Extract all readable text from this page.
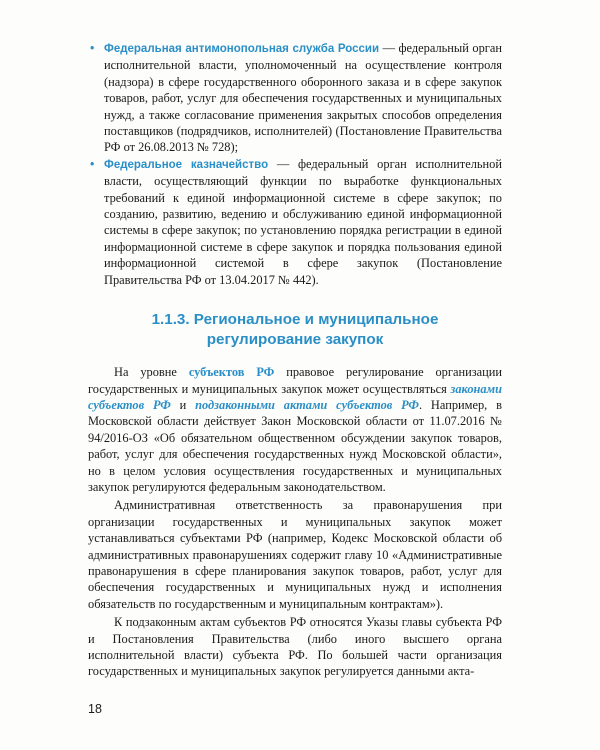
• Федеральная антимонопольная служба России — федеральный орган исполнительной власти, уполномоченный на осуществление контроля (надзора) в сфере государственного оборонного заказа и в сфере закупок товаров, работ, услуг для обеспечения государственных и муниципальных нужд, а также согласование применения закрытых способов определения поставщиков (подрядчиков, исполнителей) (Постановление Правительства РФ от 26.08.2013 № 728);
• Федеральное казначейство — федеральный орган исполнительной власти, осуществляющий функции по выработке функциональных требований к единой информационной системе в сфере закупок; по созданию, развитию, ведению и обслуживанию единой информационной системы в сфере закупок; по установлению порядка регистрации в единой информационной системе в сфере закупок и порядка пользования единой информационной системой в сфере закупок (Постановление Правительства РФ от 13.04.2017 № 442).
1.1.3. Региональное и муниципальное
регулирование закупок

На уровне субъектов РФ правовое регулирование организации государственных и муниципальных закупок может осуществляться законами субъектов РФ и подзаконными актами субъектов РФ. Например, в Московской области действует Закон Московской области от 11.07.2016 № 94/2016-ОЗ «Об обязательном общественном обсуждении закупок товаров, работ, услуг для обеспечения государственных нужд Московской области», но в целом условия осуществления государственных и муниципальных закупок регулируются федеральным законодательством.

Административная ответственность за правонарушения при организации государственных и муниципальных закупок может устанавливаться субъектами РФ (например, Кодекс Московской области об административных правонарушениях содержит главу 10 «Административные правонарушения в сфере планирования закупок товаров, работ, услуг для обеспечения государственных и муниципальных нужд и исполнения обязательств по государственным и муниципальным контрактам»).

К подзаконным актам субъектов РФ относятся Указы главы субъекта РФ и Постановления Правительства (либо иного высшего органа исполнительной власти) субъекта РФ. По большей части организация государственных и муниципальных закупок регулируется данными акта-

18
